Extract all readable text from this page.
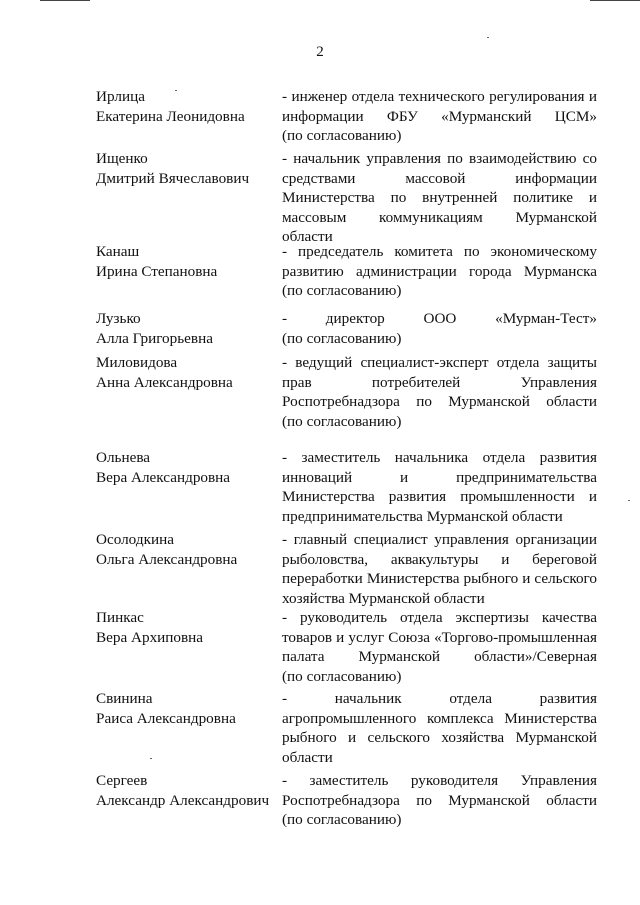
2
Ирлица
Екатерина Леонидовна
- инженер отдела технического регулирования и
информации ФБУ «Мурманский ЦСМ»
(по согласованию)
Ищенко
Дмитрий Вячеславович
- начальник управления по взаимодействию со
средствами массовой информации
Министерства по внутренней политике и
массовым коммуникациям Мурманской
области
Канаш
Ирина Степановна
- председатель комитета по экономическому
развитию администрации города Мурманска
(по согласованию)
Лузько
Алла Григорьевна
- директор ООО «Мурман-Тест»
(по согласованию)
Миловидова
Анна Александровна
- ведущий специалист-эксперт отдела защиты
прав потребителей Управления
Роспотребнадзора по Мурманской области
(по согласованию)
Ольнева
Вера Александровна
- заместитель начальника отдела развития
инноваций и предпринимательства
Министерства развития промышленности и
предпринимательства Мурманской области
Осолодкина
Ольга Александровна
- главный специалист управления организации
рыболовства, аквакультуры и береговой
переработки Министерства рыбного и сельского
хозяйства Мурманской области
Пинкас
Вера Архиповна
- руководитель отдела экспертизы качества
товаров и услуг Союза «Торгово-промышленная
палата Мурманской области»/Северная
(по согласованию)
Свинина
Раиса Александровна
- начальник отдела развития
агропромышленного комплекса Министерства
рыбного и сельского хозяйства Мурманской
области
Сергеев
Александр Александрович
- заместитель руководителя Управления
Роспотребнадзора по Мурманской области
(по согласованию)
